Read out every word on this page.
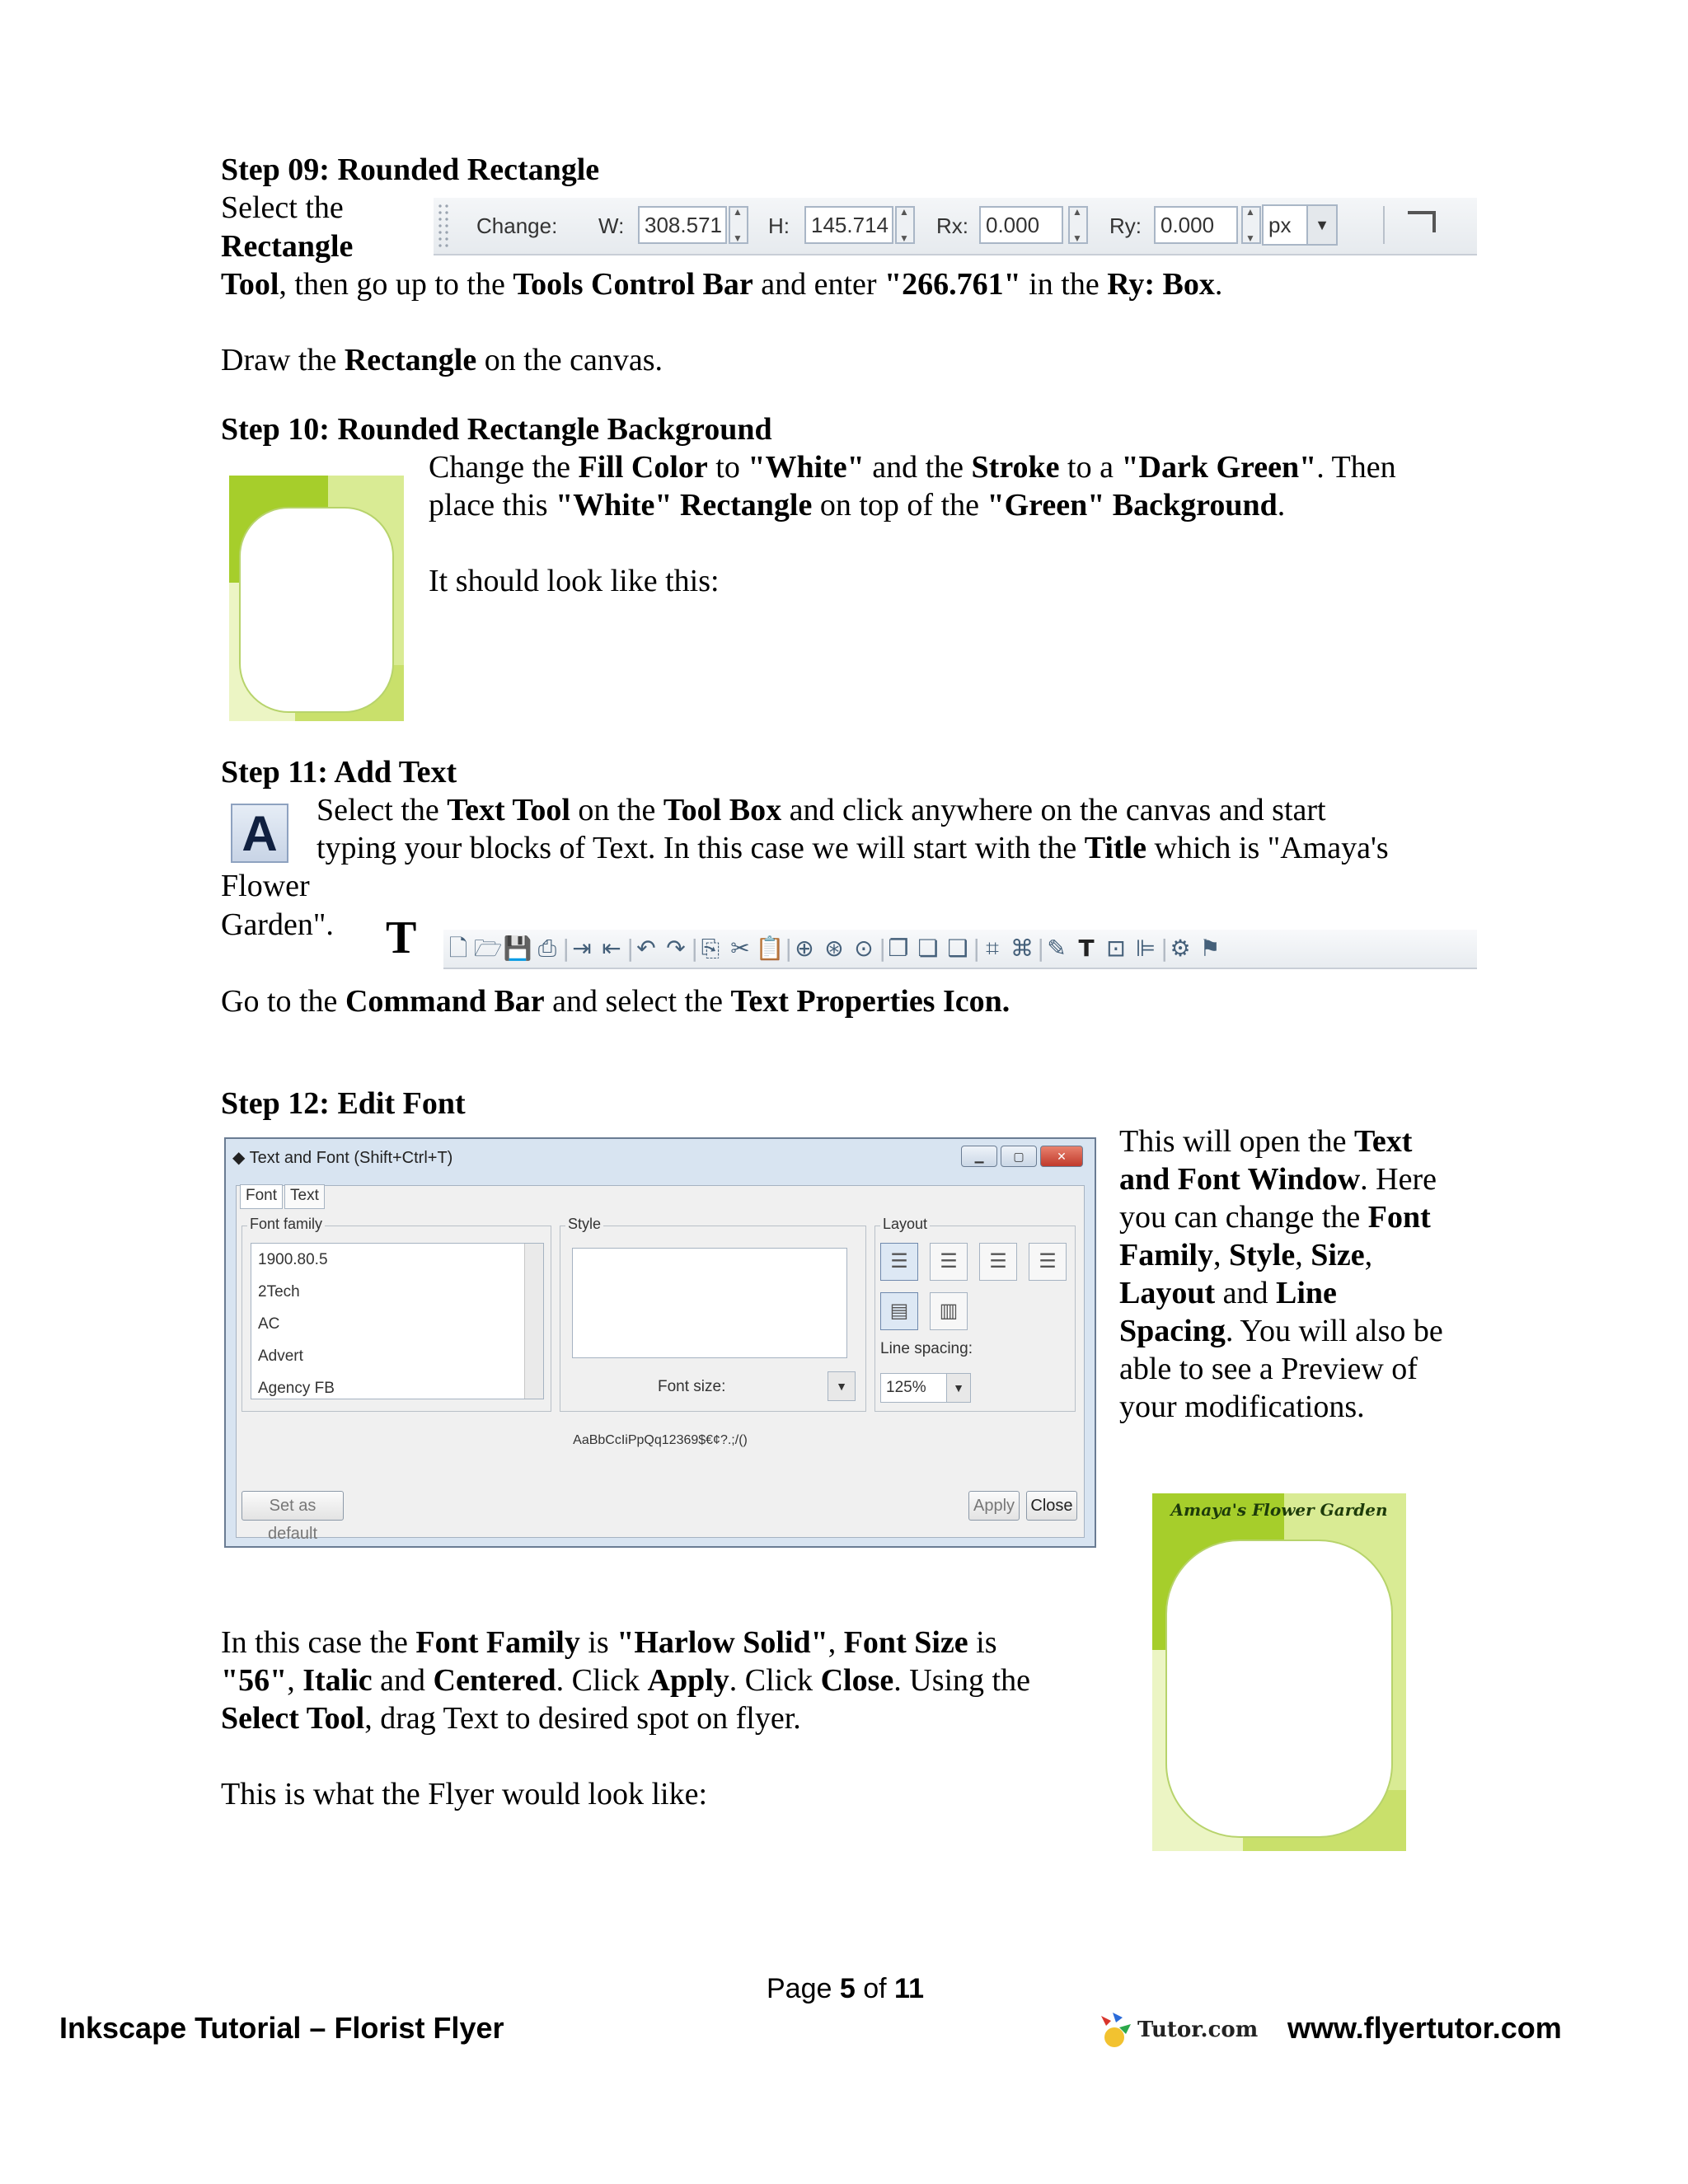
Step 09: Rounded Rectangle
Select the
Rectangle
Tool, then go up to the Tools Control Bar and enter "266.761" in the Ry: Box.
Draw the Rectangle on the canvas.
Change: W: 308.571 ▲ ▼ H:	145.714 ▲ ▼ Rx: 0.000 ▲ ▼	Ry: 0.000 ▲ ▼	px	▼
Step 10: Rounded Rectangle Background
Change the Fill Color to "White" and the Stroke to a "Dark Green". Then
place this "White" Rectangle on top of the "Green" Background.
It should look like this:
Step 11: Add Text
A	Select the Text Tool on the Tool Box and click anywhere on the canvas and start
typing your blocks of Text. In this case we will start with the Title which is "Amaya's
Flower
Garden". T 🗋 🗁💾 ⎙ | ⇥ ⇤ | ↶ ↷ | ⎘ ✂ 📋| ⊕ ⊛ ⊙ |❐ ❏ ❑ | ⌗ ⌘ | ✎ T ⊡ ⊫ |⚙ ⚑
Go to the Command Bar and select the Text Properties Icon.
Step 12: Edit Font
◆ Text and Font (Shift+Ctrl+T)	▁	▢	✕
Font Text
Font family
1900.80.5
2Tech
AC
Advert
Agency FB
Style
Font size:	▼
Layout
☰	☰	☰	☰
▤	▥
Line spacing:
125%	▼
AaBbCcIiPpQq12369$€¢?.;/()
Set as default
Apply Close
This will open the Text
and Font Window. Here
you can change the Font
Family, Style, Size,
Layout and Line
Spacing. You will also be
able to see a Preview of
your modifications.
Amaya's Flower Garden
In this case the Font Family is "Harlow Solid", Font Size is
"56", Italic and Centered. Click Apply. Click Close. Using the
Select Tool, drag Text to desired spot on flyer.
This is what the Flyer would look like:
Page 5 of 11
Inkscape Tutorial – Florist Flyer	Tutor.com www.flyertutor.com
